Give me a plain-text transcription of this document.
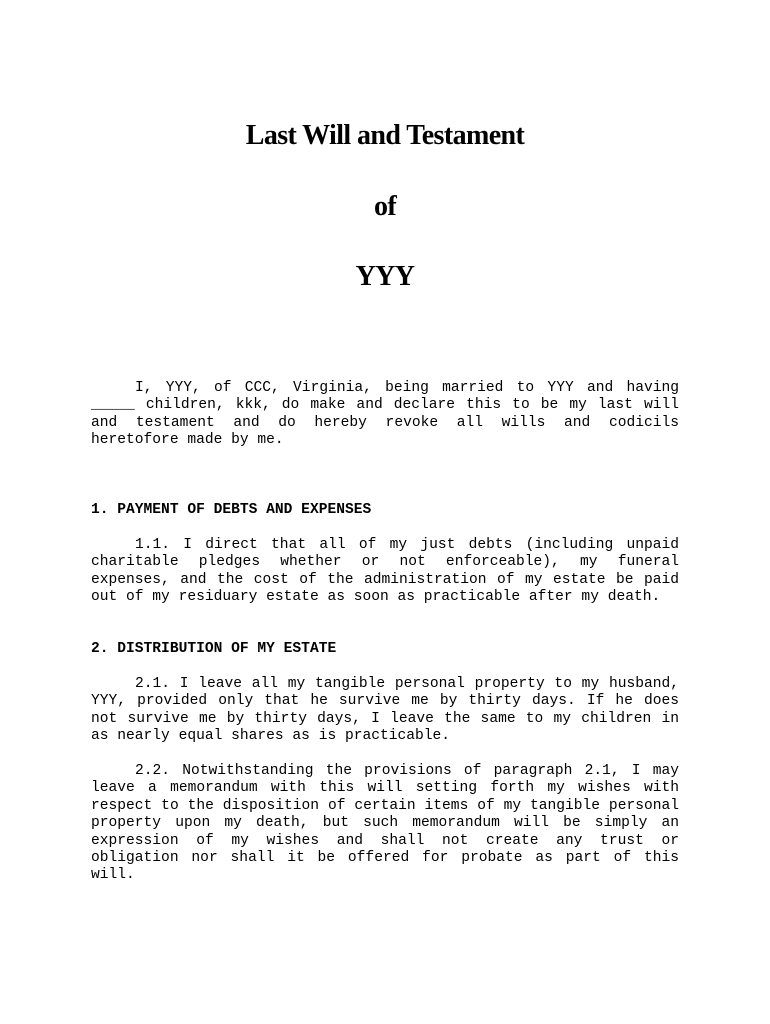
Last Will and Testament
of
YYY

I, YYY, of CCC, Virginia, being married to YYY and having _____ children, kkk, do make and declare this to be my last will and testament and do hereby revoke all wills and codicils heretofore made by me.

1. PAYMENT OF DEBTS AND EXPENSES

1.1. I direct that all of my just debts (including unpaid charitable pledges whether or not enforceable), my funeral expenses, and the cost of the administration of my estate be paid out of my residuary estate as soon as practicable after my death.

2. DISTRIBUTION OF MY ESTATE

2.1. I leave all my tangible personal property to my husband, YYY, provided only that he survive me by thirty days. If he does not survive me by thirty days, I leave the same to my children in as nearly equal shares as is practicable.

2.2. Notwithstanding the provisions of paragraph 2.1, I may leave a memorandum with this will setting forth my wishes with respect to the disposition of certain items of my tangible personal property upon my death, but such memorandum will be simply an expression of my wishes and shall not create any trust or obligation nor shall it be offered for probate as part of this will.
